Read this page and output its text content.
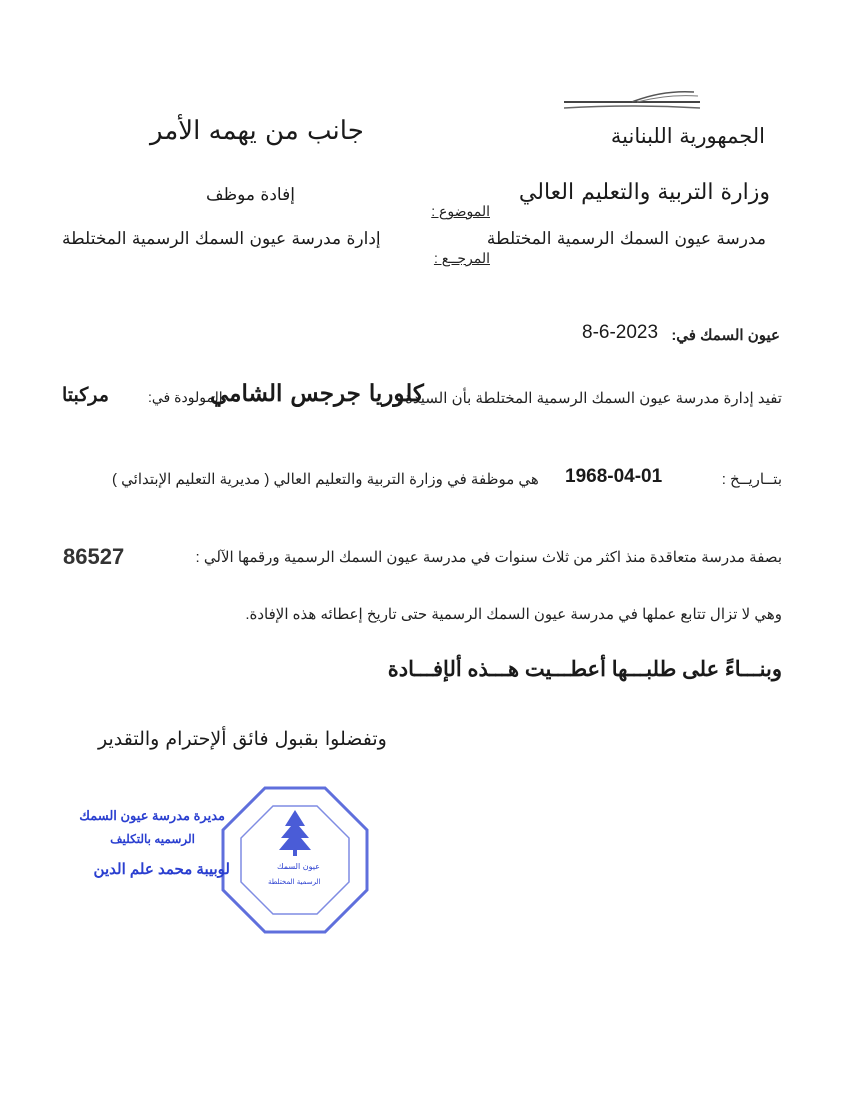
الجمهورية اللبنانية
وزارة التربية والتعليم العالي
مدرسة عيون السمك الرسمية المختلطة
الموضوع :
المرجــع :
جانب من يهمه الأمر
إفادة موظف
إدارة مدرسة عيون السمك الرسمية المختلطة
عيون السمك في:
8-6-2023
تفيد إدارة مدرسة عيون السمك الرسمية المختلطة بأن السيدة :
كلوريا جرجس الشامي
المولودة في:
مركبتا
بتــاريــخ :
1968-04-01
هي موظفة في وزارة التربية والتعليم العالي ( مديرية التعليم الإبتدائي )
بصفة مدرسة متعاقدة منذ اكثر من ثلاث سنوات في مدرسة عيون السمك الرسمية ورقمها الآلي :
86527
وهي لا تزال تتابع عملها في مدرسة عيون السمك الرسمية حتى تاريخ إعطائه هذه الإفادة.
وبنـــاءً على طلبـــها أعطـــيت هـــذه ألإفـــادة
وتفضلوا بقبول فائق ألإحترام والتقدير
عيون السمك
الرسمية المختلطة
مديرة مدرسة عيون السمك
الرسميه بالتكليف
لوبيبة محمد علم الدين
